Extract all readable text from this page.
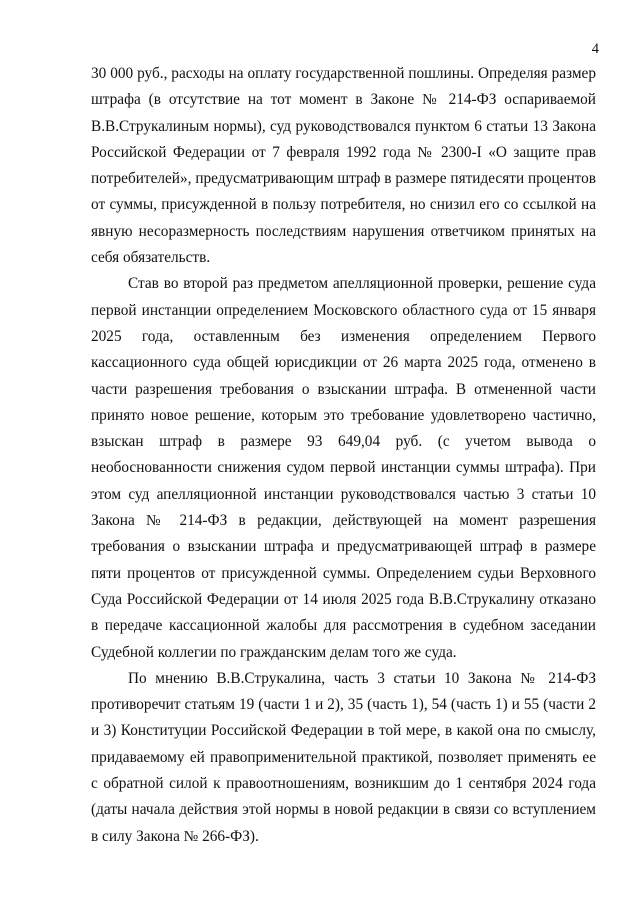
4

30 000 руб., расходы на оплату государственной пошлины. Определяя размер штрафа (в отсутствие на тот момент в Законе № 214-ФЗ оспариваемой В.В.Струкалиным нормы), суд руководствовался пунктом 6 статьи 13 Закона Российской Федерации от 7 февраля 1992 года № 2300-I «О защите прав потребителей», предусматривающим штраф в размере пятидесяти процентов от суммы, присужденной в пользу потребителя, но снизил его со ссылкой на явную несоразмерность последствиям нарушения ответчиком принятых на себя обязательств.

Став во второй раз предметом апелляционной проверки, решение суда первой инстанции определением Московского областного суда от 15 января 2025 года, оставленным без изменения определением Первого кассационного суда общей юрисдикции от 26 марта 2025 года, отменено в части разрешения требования о взыскании штрафа. В отмененной части принято новое решение, которым это требование удовлетворено частично, взыскан штраф в размере 93 649,04 руб. (с учетом вывода о необоснованности снижения судом первой инстанции суммы штрафа). При этом суд апелляционной инстанции руководствовался частью 3 статьи 10 Закона № 214-ФЗ в редакции, действующей на момент разрешения требования о взыскании штрафа и предусматривающей штраф в размере пяти процентов от присужденной суммы. Определением судьи Верховного Суда Российской Федерации от 14 июля 2025 года В.В.Струкалину отказано в передаче кассационной жалобы для рассмотрения в судебном заседании Судебной коллегии по гражданским делам того же суда.

По мнению В.В.Струкалина, часть 3 статьи 10 Закона № 214-ФЗ противоречит статьям 19 (части 1 и 2), 35 (часть 1), 54 (часть 1) и 55 (части 2 и 3) Конституции Российской Федерации в той мере, в какой она по смыслу, придаваемому ей правоприменительной практикой, позволяет применять ее с обратной силой к правоотношениям, возникшим до 1 сентября 2024 года (даты начала действия этой нормы в новой редакции в связи со вступлением в силу Закона № 266-ФЗ).
